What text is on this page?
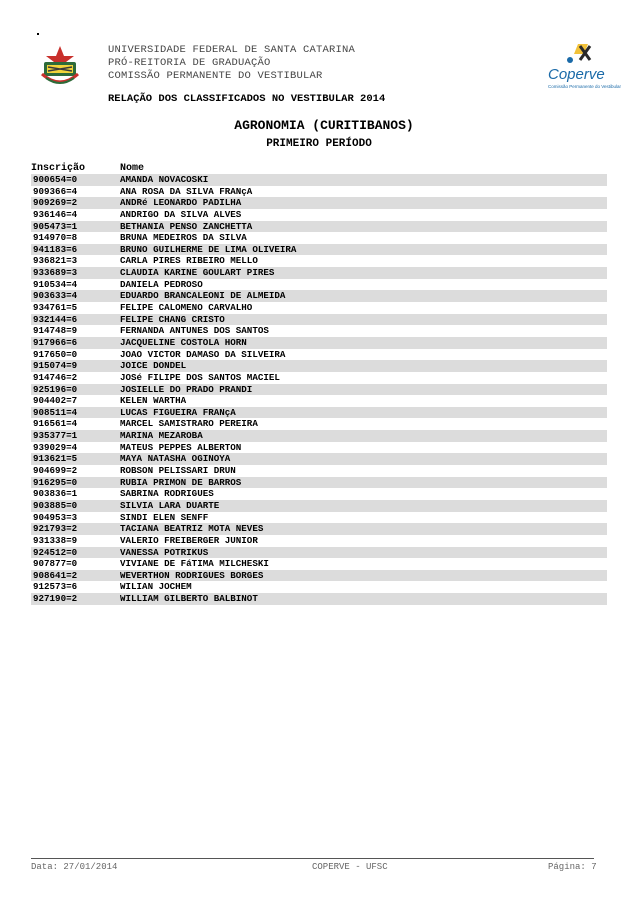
UNIVERSIDADE FEDERAL DE SANTA CATARINA
PRÓ-REITORIA DE GRADUAÇÃO
COMISSÃO PERMANENTE DO VESTIBULAR
RELAÇÃO DOS CLASSIFICADOS NO VESTIBULAR 2014
Coperve
Comissão Permanente do Vestibular
AGRONOMIA (CURITIBANOS)
PRIMEIRO PERÍODO
Inscrição	Nome
900654=0	AMANDA NOVACOSKI
909366=4	ANA ROSA DA SILVA FRANçA
909269=2	ANDRé LEONARDO PADILHA
936146=4	ANDRIGO DA SILVA ALVES
905473=1	BETHANIA PENSO ZANCHETTA
914970=8	BRUNA MEDEIROS DA SILVA
941183=6	BRUNO GUILHERME DE LIMA OLIVEIRA
936821=3	CARLA PIRES RIBEIRO MELLO
933689=3	CLAUDIA KARINE GOULART PIRES
910534=4	DANIELA PEDROSO
903633=4	EDUARDO BRANCALEONI DE ALMEIDA
934761=5	FELIPE CALOMENO CARVALHO
932144=6	FELIPE CHANG CRISTO
914748=9	FERNANDA ANTUNES DOS SANTOS
917966=6	JACQUELINE COSTOLA HORN
917650=0	JOAO VICTOR DAMASO DA SILVEIRA
915074=9	JOICE DONDEL
914746=2	JOSé FILIPE DOS SANTOS MACIEL
925196=0	JOSIELLE DO PRADO PRANDI
904402=7	KELEN WARTHA
908511=4	LUCAS FIGUEIRA FRANçA
916561=4	MARCEL SAMISTRARO PEREIRA
935377=1	MARINA MEZAROBA
939029=4	MATEUS PEPPES ALBERTON
913621=5	MAYA NATASHA OGINOYA
904699=2	ROBSON PELISSARI DRUN
916295=0	RUBIA PRIMON DE BARROS
903836=1	SABRINA RODRIGUES
903885=0	SILVIA LARA DUARTE
904953=3	SINDI ELEN SENFF
921793=2	TACIANA BEATRIZ MOTA NEVES
931338=9	VALERIO FREIBERGER JUNIOR
924512=0	VANESSA POTRIKUS
907877=0	VIVIANE DE FáTIMA MILCHESKI
908641=2	WEVERTHON RODRIGUES BORGES
912573=6	WILIAN JOCHEM
927190=2	WILLIAM GILBERTO BALBINOT
Data: 27/01/2014	COPERVE - UFSC	Página: 7
